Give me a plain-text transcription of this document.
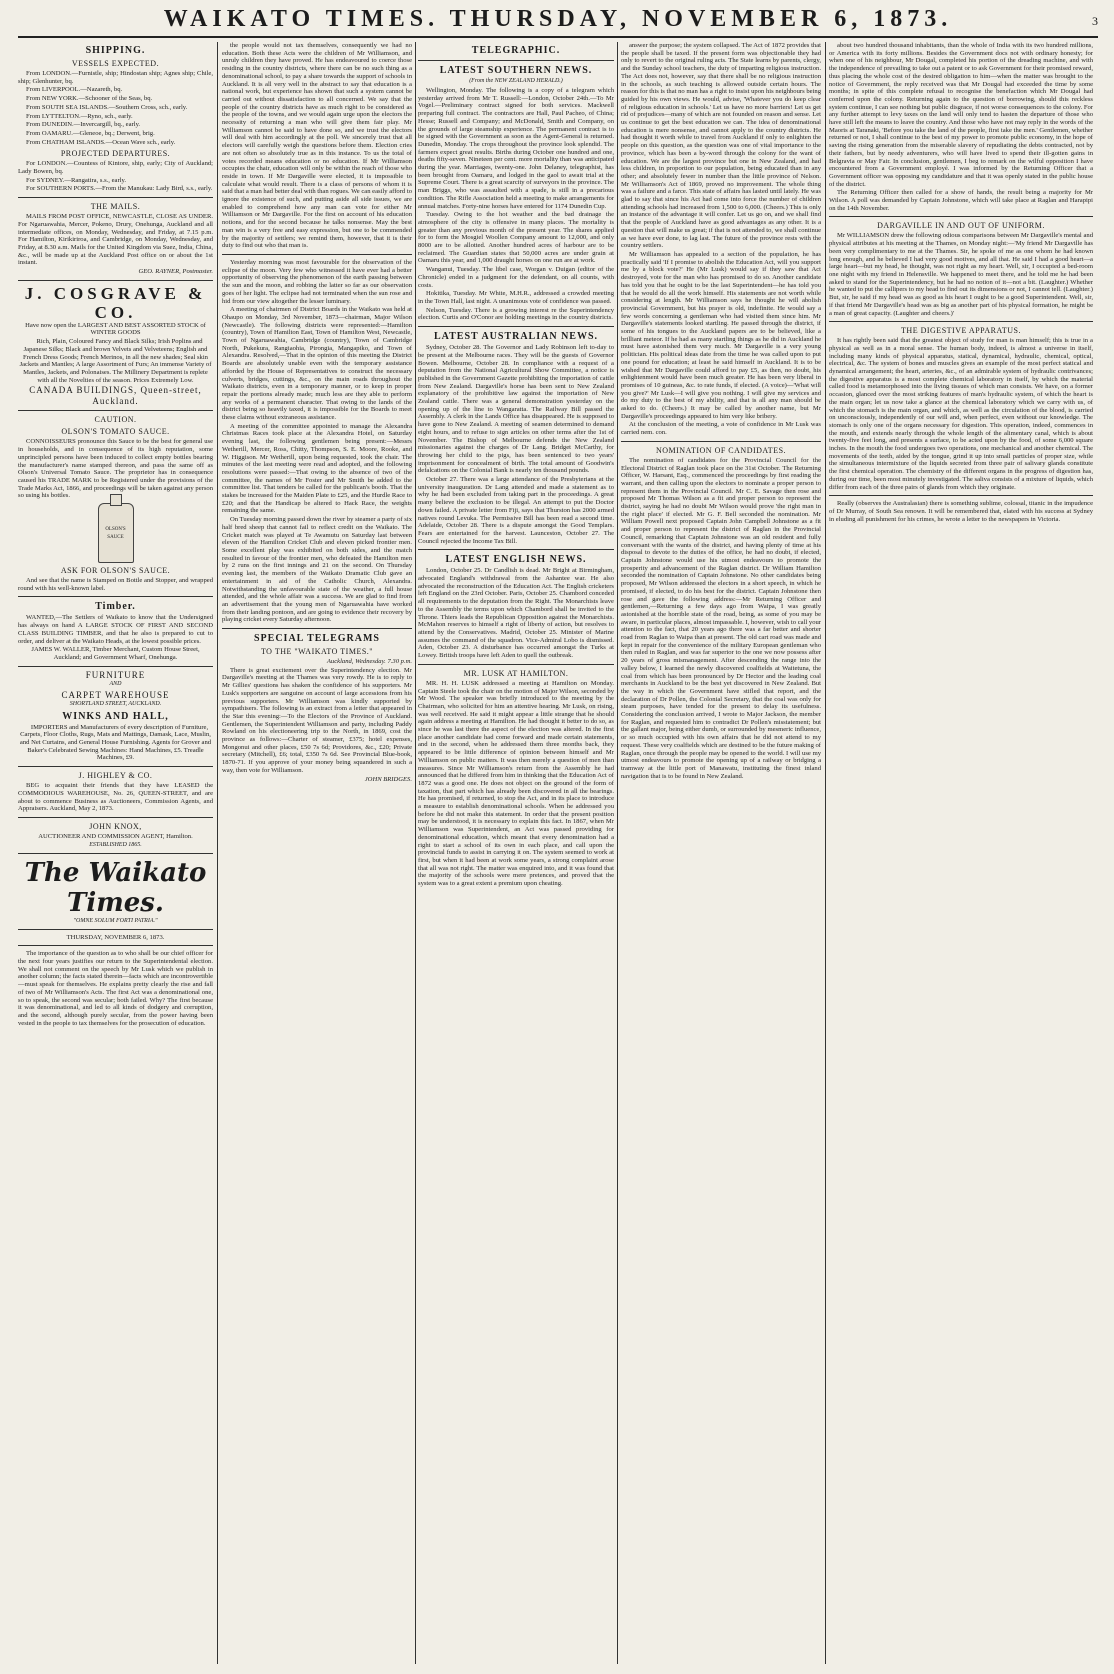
WAIKATO TIMES. THURSDAY, NOVEMBER 6, 1873.	3
SHIPPING.
VESSELS EXPECTED.

From LONDON.—Furnistle, ship; Hindostan ship; Agnes ship; Chile, ship; Glenhunter, bq.

From LIVERPOOL.—Nazareth, bq.

From NEW YORK.—Schooner of the Seas, bq.

From SOUTH SEA ISLANDS.—Southern Cross, sch., early.

From LYTTELTON.—Ryno, sch., early.

From DUNEDIN.—Invercargill, bq., early.

From OAMARU.—Gleneoe, bq.; Derwent, brig.

From CHATHAM ISLANDS.—Ocean Wave sch., early.

PROJECTED DEPARTURES.

For LONDON.—Countess of Kintore, ship, early; City of Auckland; Lady Bowen, bq.

For SYDNEY.—Rangatira, s.s., early.

For SOUTHERN PORTS.—From the Manukau: Lady Bird, s.s., early.

THE MAILS.

MAILS FROM POST OFFICE, NEWCASTLE, CLOSE AS UNDER. For Ngaruawahia, Mercer, Pokeno, Drury, Onehunga, Auckland and all intermediate offices, on Monday, Wednesday, and Friday, at 7.15 p.m. For Hamilton, Kirikiriroa, and Cambridge, on Monday, Wednesday, and Friday, at 8.30 a.m. Mails for the United Kingdom via Suez, India, China, &c., will be made up at the Auckland Post office on or about the 1st instant.

GEO. RAYNER, Postmaster.

J. COSGRAVE & CO.

Have now open the LARGEST AND BEST ASSORTED STOCK of WINTER GOODS

Rich, Plain, Coloured Fancy and Black Silks; Irish Poplins and Japanese Silks; Black and brown Velvets and Velveteens; English and French Dress Goods; French Merinos, in all the new shades; Seal skin Jackets and Mantles; A large Assortment of Furs; An immense Variety of Mantles, Jackets, and Polonaises. The Millinery Department is replete with all the Novelties of the season. Prices Extremely Low.

CANADA BUILDINGS, Queen-street, Auckland.
CAUTION.
OLSON'S TOMATO SAUCE.

CONNOISSEURS pronounce this Sauce to be the best for general use in households, and in consequence of its high reputation, some unprincipled persons have been induced to collect empty bottles bearing the manufacturer's name stamped thereon, and pass the same off as Olson's Universal Tomato Sauce. The proprietor has in consequence caused his TRADE MARK to be Registered under the provisions of the Trade Marks Act, 1866, and proceedings will be taken against any person so using his bottles.

OLSON'S SAUCE
ASK FOR OLSON'S SAUCE.

And see that the name is Stamped on Bottle and Stopper, and wrapped round with his well-known label.

Timber.

WANTED,—The Settlers of Waikato to know that the Undersigned has always on hand A LARGE STOCK OF FIRST AND SECOND CLASS BUILDING TIMBER, and that he also is prepared to cut to order, and deliver at the Waikato Heads, at the lowest possible prices.

JAMES W. WALLER, Timber Merchant, Custom House Street, Auckland; and Government Wharf, Onehunga.

FURNITURE
AND
CARPET WAREHOUSE
SHORTLAND STREET, AUCKLAND.
WINKS AND HALL,

IMPORTERS and Manufacturers of every description of Furniture, Carpets, Floor Cloths, Rugs, Mats and Mattings, Damask, Lace, Muslin, and Net Curtains, and General House Furnishing. Agents for Grover and Baker's Celebrated Sewing Machines: Hand Machines, £5. Treadle Machines, £9.

J. HIGHLEY & CO.

BEG to acquaint their friends that they have LEASED the COMMODIOUS WAREHOUSE, No. 26, QUEEN-STREET, and are about to commence Business as Auctioneers, Commission Agents, and Appraisers. Auckland, May 2, 1873.

JOHN KNOX,

AUCTIONEER AND COMMISSION AGENT, Hamilton.

ESTABLISHED 1865.
The Waikato Times.
"OMNE SOLUM FORTI PATRIA."

THURSDAY, NOVEMBER 6, 1873.

The importance of the question as to who shall be our chief officer for the next four years justifies our return to the Superintendental election. We shall not comment on the speech by Mr Lusk which we publish in another column; the facts stated therein—facts which are incontrovertible—must speak for themselves. He explains pretty clearly the rise and fall of two of Mr Williamson's Acts. The first Act was a denominational one, so to speak, the second was secular; both failed. Why? The first because it was denominational, and led to all kinds of dodgery and corruption, and the second, although purely secular, from the power having been vested in the people to tax themselves for the prosecution of education.

the people would not tax themselves, consequently we had no education. Both these Acts were the children of Mr Williamson, and unruly children they have proved. He has endeavoured to coerce those residing in the country districts, where there can be no such thing as a denominational school, to pay a share towards the support of schools in Auckland. It is all very well in the abstract to say that education is a national work, but experience has shown that such a system cannot be carried out without dissatisfaction to all concerned. We say that the people of the country districts have as much right to be considered as the people of the towns, and we would again urge upon the electors the necessity of returning a man who will give them fair play. Mr Williamson cannot be said to have done so, and we trust the electors will deal with him accordingly at the poll. We sincerely trust that all electors will carefully weigh the questions before them. Election cries are not often so absolutely true as in this instance. To us the total of votes recorded means education or no education. If Mr Williamson occupies the chair, education will only be within the reach of those who reside in town. If Mr Dargaville were elected, it is impossible to calculate what would result. There is a class of persons of whom it is said that a man had better deal with than rogues. We can easily afford to ignore the existence of such, and putting aside all side issues, we are enabled to comprehend how any man can vote for either Mr Williamson or Mr Dargaville. For the first on account of his education notions, and for the second because he talks nonsense. May the best man win is a very free and easy expression, but one to be commended by the majority of settlers; we remind them, however, that it is their duty to find out who that man is.

Yesterday morning was most favourable for the observation of the eclipse of the moon. Very few who witnessed it have ever had a better opportunity of observing the phenomenon of the earth passing between the sun and the moon, and robbing the latter so far as our observation goes of her light. The eclipse had not terminated when the sun rose and hid from our view altogether the lesser luminary.

A meeting of chairmen of District Boards in the Waikato was held at Ohaupo on Monday, 3rd November, 1873—chairman, Major Wilson (Newcastle). The following districts were represented:—Hamilton (country), Town of Hamilton East, Town of Hamilton West, Newcastle, Town of Ngaruawahia, Cambridge (country), Town of Cambridge North, Pukekura, Rangiaohia, Pirongia, Mangapiko, and Town of Alexandra. Resolved,—That in the opinion of this meeting the District Boards are absolutely unable even with the temporary assistance afforded by the House of Representatives to construct the necessary culverts, bridges, cuttings, &c., on the main roads throughout the Waikato districts, even in a temporary manner, or to keep in proper repair the portions already made; much less are they able to perform any works of a permanent character. That owing to the lands of the district being so heavily taxed, it is impossible for the Boards to meet these claims without extraneous assistance.

A meeting of the committee appointed to manage the Alexandra Christmas Races took place at the Alexandra Hotel, on Saturday evening last, the following gentlemen being present:—Messrs Wetherill, Mercer, Ross, Chitty, Thompson, S. E. Moore, Rooke, and W. Higgison. Mr Wetherill, upon being requested, took the chair. The minutes of the last meeting were read and adopted, and the following resolutions were passed:—That owing to the absence of two of the committee, the names of Mr Foster and Mr Smith be added to the committee list. That tenders be called for the publican's booth. That the stakes be increased for the Maiden Plate to £25, and the Hurdle Race to £20; and that the Handicap be altered to Hack Race, the weights remaining the same.

On Tuesday morning passed down the river by steamer a party of six half bred sheep that cannot fail to reflect credit on the Waikato. The Cricket match was played at Te Awamutu on Saturday last between eleven of the Hamilton Cricket Club and eleven picked frontier men. Some excellent play was exhibited on both sides, and the match resulted in favour of the frontier men, who defeated the Hamilton men by 2 runs on the first innings and 21 on the second. On Thursday evening last, the members of the Waikato Dramatic Club gave an entertainment in aid of the Catholic Church, Alexandra. Notwithstanding the unfavourable state of the weather, a full house attended, and the whole affair was a success. We are glad to find from an advertisement that the young men of Ngaruawahia have worked from their landing pontoon, and are going to evidence their recovery by playing cricket every Saturday afternoon.

SPECIAL TELEGRAMS
TO THE "WAIKATO TIMES."

Auckland, Wednesday. 7.30 p.m.

There is great excitement over the Superintendency election. Mr Dargaville's meeting at the Thames was very rowdy. He is to reply to Mr Gillies' questions has shaken the confidence of his supporters. Mr Lusk's supporters are sanguine on account of large accessions from his previous supporters. Mr Williamson was kindly supported by sympathisers. The following is an extract from a letter that appeared in the Star this evening:—To the Electors of the Province of Auckland. Gentlemen, the Superintendent Williamson and party, including Paddy Rowland on his electioneering trip to the North, in 1869, cost the province as follows:—Charter of steamer, £375; hotel expenses, Mongonui and other places, £50 7s 6d; Providores, &c., £20; Private secretary (Mitchell), £6; total, £350 7s 6d. See Provincial Blue-book, 1870-71. If you approve of your money being squandered in such a way, then vote for Williamson.

JOHN BRIDGES.

TELEGRAPHIC.
LATEST SOUTHERN NEWS.
(From the NEW ZEALAND HERALD.)

Wellington, Monday. The following is a copy of a telegram which yesterday arrived from Mr T. Russell:—London, October 24th.—To Mr Vogel.—Preliminary contract signed for both services. Mackwell preparing full contract. The contractors are Hall, Paul Pacheo, of China; Hesse; Russell and Company; and McDonald, Smith and Company, on the grounds of large steamship experience. The permanent contract is to be signed with the Government as soon as the Agent-General is returned. Dunedin, Monday. The crops throughout the province look splendid. The farmers expect great results. Births during October one hundred and one, deaths fifty-seven. Nineteen per cent. more mortality than was anticipated during the year. Marriages, twenty-one. John Delaney, telegraphist, has been brought from Oamaru, and lodged in the gaol to await trial at the Supreme Court. There is a great scarcity of surveyors in the province. The man Briggs, who was assaulted with a spade, is still in a precarious condition. The Rifle Association held a meeting to make arrangements for annual matches. Forty-nine horses have entered for 1174 Dunedin Cup.

Tuesday. Owing to the hot weather and the bad drainage the atmosphere of the city is offensive in many places. The mortality is greater than any previous month of the present year. The shares applied for to form the Mosgiel Woollen Company amount to 12,000, and only 8000 are to be allotted. Another hundred acres of harbour are to be reclaimed. The Guardian states that 50,000 acres are under grain at Oamaru this year, and 1,000 draught horses on one run are at work.

Wanganui, Tuesday. The libel case, Worgan v. Duigan (editor of the Chronicle) ended in a judgment for the defendant, on all counts, with costs.

Hokitika, Tuesday. Mr White, M.H.R., addressed a crowded meeting in the Town Hall, last night. A unanimous vote of confidence was passed.

Nelson, Tuesday. There is a growing interest re the Superintendency election. Curtis and O'Conor are holding meetings in the country districts.

LATEST AUSTRALIAN NEWS.

Sydney, October 28. The Governor and Lady Robinson left to-day to be present at the Melbourne races. They will be the guests of Governor Bowen. Melbourne, October 28. In compliance with a request of a deputation from the National Agricultural Show Committee, a notice is published in the Government Gazette prohibiting the importation of cattle from New Zealand. Dargaville's horse has been sent to New Zealand explanatory of the prohibitive law against the importation of New Zealand cattle. There was a general demonstration yesterday on the opening up of the line to Wangaratta. The Railway Bill passed the Assembly. A clerk in the Lands Office has disappeared. He is supposed to have gone to New Zealand. A meeting of seamen determined to demand eight hours, and to refuse to sign articles on other terms after the 1st of November. The Bishop of Melbourne defends the New Zealand missionaries against the charges of Dr Lang. Bridget McCarthy, for throwing her child to the pigs, has been sentenced to two years' imprisonment for concealment of birth. The total amount of Goodwin's defalcations on the Colonial Bank is nearly ten thousand pounds.

October 27. There was a large attendance of the Presbyterians at the university inauguration. Dr Lang attended and made a statement as to why he had been excluded from taking part in the proceedings. A great many believe the exclusion to be illegal. An attempt to put the Doctor down failed. A private letter from Fiji, says that Thurston has 2000 armed natives round Levuka. The Permissive Bill has been read a second time. Adelaide, October 28. There is a dispute amongst the Good Templars. Fears are entertained for the harvest. Launceston, October 27. The Council rejected the Income Tax Bill.

LATEST ENGLISH NEWS.

London, October 25. Dr Candlish is dead. Mr Bright at Birmingham, advocated England's withdrawal from the Ashantee war. He also advocated the reconstruction of the Education Act. The English cricketers left England on the 23rd October. Paris, October 25. Chambord conceded all requirements to the deputation from the Right. The Monarchists leave to the Assembly the terms upon which Chambord shall be invited to the Throne. Thiers leads the Republican Opposition against the Monarchists. McMahon reserves to himself a right of liberty of action, but resolves to attend by the Conservatives. Madrid, October 25. Minister of Marine assumes the command of the squadron. Vice-Admiral Lobo is dismissed. Aden, October 23. A disturbance has occurred amongst the Turks at Lowey. British troops have left Aden to quell the outbreak.

MR. LUSK AT HAMILTON.

MR. H. H. LUSK addressed a meeting at Hamilton on Monday. Captain Steele took the chair on the motion of Major Wilson, seconded by Mr Wood. The speaker was briefly introduced to the meeting by the Chairman, who solicited for him an attentive hearing. Mr Lusk, on rising, was well received. He said it might appear a little strange that he should again address a meeting at Hamilton. He had thought it better to do so, as since he was last there the aspect of the election was altered. In the first place another candidate had come forward and made certain statements, and in the second, when he addressed them three months back, they appeared to be little difference of opinion between himself and Mr Williamson on public matters. It was then merely a question of men than measures. Since Mr Williamson's return from the Assembly he had announced that he differed from him in thinking that the Education Act of 1872 was a good one. He does not object on the ground of the form of taxation, that part which has already been discovered in all the bearings. He has promised, if returned, to stop the Act, and in its place to introduce a measure to establish denominational schools. When he addressed you before he did not make this statement. In order that the present position may be understood, it is necessary to explain this fact. In 1867, when Mr Williamson was Superintendent, an Act was passed providing for denominational education, which meant that every denomination had a right to start a school of its own in each place, and call upon the provincial funds to assist in carrying it on. The system seemed to work at first, but when it had been at work some years, a strong complaint arose that all was not right. The matter was enquired into, and it was found that the majority of the schools were mere pretences, and proved that the system was to a great extent a premium upon cheating.

answer the purpose; the system collapsed. The Act of 1872 provides that the people shall be taxed. If the present form was objectionable they had only to revert to the original ruling acts. The State learns by parents, clergy, and the Sunday school teachers, the duty of imparting religious instruction. The Act does not, however, say that there shall be no religious instruction in the schools, as such teaching is allowed outside certain hours. The reason for this is that no man has a right to insist upon his neighbours being guided by his own views. He would, advise, 'Whatever you do keep clear of religious education in schools.' Let us have no more barriers! Let us get rid of prejudices—many of which are not founded on reason and sense. Let us continue to get the best education we can. The idea of denominational education is mere nonsense, and cannot apply to the country districts. He had thought it worth while to travel from Auckland if only to enlighten the people on this question, as the question was one of vital importance to the province, which has been a by-word through the colony for the want of education. We are the largest province but one in New Zealand, and had less children, in proportion to our population, being educated than in any other; and absolutely fewer in number than the little province of Nelson. Mr Williamson's Act of 1869, proved no improvement. The whole thing was a failure and a farce. This state of affairs has lasted until lately. He was glad to say that since his Act had come into force the number of children attending schools had increased from 1,500 to 6,000. (Cheers.) This is only an instance of the advantage it will confer. Let us go on, and we shall find that the people of Auckland have as good advantages as any other. It is a question that will make us great; if that is not attended to, we shall continue as we have ever done, to lag last. The future of the province rests with the country settlers.

Mr Williamson has appealed to a section of the population, he has practically said 'If I promise to abolish the Education Act, will you support me by a block vote?' He (Mr Lusk) would say if they saw that Act destroyed, vote for the man who has promised to do so. Another candidate has told you that he ought to be the last Superintendent—he has told you that he would do all the work himself. His statements are not worth while considering at length. Mr Williamson says he thought he will abolish provincial Government, but his prayer is old, indefinite. He would say a few words concerning a gentleman who had visited them since him. Mr Dargaville's statements looked startling. He passed through the district, if some of his tongues to the Auckland papers are to be believed, like a brilliant meteor. If he had as many startling things as he did in Auckland he must have astonished them very much. Mr Dargaville is a very young politician. His political ideas date from the time he was called upon to put one pound for education; at least he said himself in Auckland. It is to be wished that Mr Dargaville could afford to pay £5, as then, no doubt, his enlightenment would have been much greater. He has been very liberal in promises of 10 guineas, &c. to rate funds, if elected. (A voice)—'What will you give?' Mr Lusk—I will give you nothing. I will give my services and do my duty to the best of my ability, and that is all any man should be asked to do. (Cheers.) It may be called by another name, but Mr Dargaville's proceedings appeared to him very like bribery.

At the conclusion of the meeting, a vote of confidence in Mr Lusk was carried nem. con.

NOMINATION OF CANDIDATES.

The nomination of candidates for the Provincial Council for the Electoral District of Raglan took place on the 31st October. The Returning Officer, W. Harsant, Esq., commenced the proceedings by first reading the warrant, and then calling upon the electors to nominate a proper person to represent them in the Provincial Council. Mr C. E. Savage then rose and proposed Mr Thomas Wilson as a fit and proper person to represent the district, saying he had no doubt Mr Wilson would prove 'the right man in the right place' if elected. Mr G. F. Bell seconded the nomination. Mr William Powell next proposed Captain John Campbell Johnstone as a fit and proper person to represent the district of Raglan in the Provincial Council, remarking that Captain Johnstone was an old resident and fully conversant with the wants of the district, and having plenty of time at his disposal to devote to the duties of the office, he had no doubt, if elected, Captain Johnstone would use his utmost endeavours to promote the prosperity and advancement of the Raglan district. Dr William Hamilton seconded the nomination of Captain Johnstone. No other candidates being proposed, Mr Wilson addressed the electors in a short speech, in which he promised, if elected, to do his best for the district. Captain Johnstone then rose and gave the following address:—Mr Returning Officer and gentlemen,—Returning a few days ago from Waipa, I was greatly astonished at the horrible state of the road, being, as some of you may be aware, in particular places, almost impassable. I, however, wish to call your attention to the fact, that 20 years ago there was a far better and shorter road from Raglan to Waipa than at present. The old cart road was made and kept in repair for the convenience of the military European gentleman who then ruled in Raglan, and was far superior to the one we now possess after 20 years of gross mismanagement. After descending the range into the valley below, I learned the newly discovered coalfields at Waitetuna, the coal from which has been pronounced by Dr Hector and the leading coal merchants in Auckland to be the best yet discovered in New Zealand. But the way in which the Government have stifled that report, and the declaration of Dr Pollen, the Colonial Secretary, that the coal was only for steam purposes, have tended for the present to delay its usefulness. Considering the conclusion arrived, I wrote to Major Jackson, the member for Raglan, and requested him to contradict Dr Pollen's misstatement; but the gallant major, being either dumb, or surrounded by mesmeric influence, or so much occupied with his own affairs that he did not attend to my request. These very coalfields which are destined to be the future making of Raglan, once through the people may be opened to the world. I will use my utmost endeavours to promote the opening up of a railway or bridging a tramway at the little port of Manawatu, instituting the finest inland navigation that is to be found in New Zealand.

about two hundred thousand inhabitants, than the whole of India with its two hundred millions, or America with its forty millions. Besides the Government docs not with ordinary honesty; for when one of his neighbour, Mr Dougal, completed his portion of the dreading machine, and with the independence of prevailing to take out a patent or to ask Government for their promised reward, thus placing the whole cost of the desired obligation to him—when the matter was brought to the notice of Government, the reply received was that Mr Dougal had exceeded the time by some months; in spite of this complete refusal to recognise the benefaction which Mr Dougal had conferred upon the colony. Returning again to the question of borrowing, should this reckless system continue, I can see nothing but public disgrace, if not worse consequences to the colony. For any further attempt to levy taxes on the land will only tend to hasten the departure of those who have still left the means to leave the country. And those who have not may reply in the words of the Maoris at Taranaki, 'Before you take the land of the people, first take the men.' Gentlemen, whether returned or not, I shall continue to the best of my power to promote public economy, in the hope of saving the rising generation from the miserable slavery of repudiating the debts contracted, not by their fathers, but by needy adventurers, who will have lived to spend their ill-gotten gains in Belgravia or May Fair. In conclusion, gentlemen, I beg to remark on the wilful opposition I have encountered from a Government employé. I was informed by the Returning Officer that a Government officer was opposing my candidature and that it was openly stated in the public house of the district.

The Returning Officer then called for a show of hands, the result being a majority for Mr Wilson. A poll was demanded by Captain Johnstone, which will take place at Raglan and Harapipi on the 14th November.

DARGAVILLE IN AND OUT OF UNIFORM.

Mr WILLIAMSON drew the following odious comparisons between Mr Dargaville's mental and physical attributes at his meeting at the Thames, on Monday night:—'My friend Mr Dargaville has been very complimentary to me at the Thames. Sir, he spoke of me as one whom he had known long enough, and he believed I had very good motives, and all that. He said I had a good heart—a large heart—but my head, he thought, was not right as my heart. Well, sir, I occupied a bed-room one night with my friend in Helensville. We happened to meet there, and he told me he had been asked to stand for the Superintendency, but he had no notion of it—not a bit. (Laughter.) Whether he wanted to put the callipers to my head to find out its dimensions or not, I cannot tell. (Laughter.) But, sir, he said if my head was as good as his heart I ought to be a good Superintendent. Well, sir, if that friend Mr Dargaville's head was as big as another part of his physical formation, he might be a man of great capacity. (Laughter and cheers.)'

THE DIGESTIVE APPARATUS.

It has rightly been said that the greatest object of study for man is man himself; this is true in a physical as well as in a moral sense. The human body, indeed, is almost a universe in itself, including many kinds of physical apparatus, statical, dynamical, hydraulic, chemical, optical, electrical, &c. The system of bones and muscles gives an example of the most perfect statical and dynamical arrangement; the heart, arteries, &c., of an admirable system of hydraulic contrivances; the digestive apparatus is a most complete chemical laboratory in itself, by which the material called food is metamorphosed into the living tissues of which man consists. We have, on a former occasion, glanced over the most striking features of man's hydraulic system, of which the heart is the main organ; let us now take a glance at the chemical laboratory which we carry with us, of which the stomach is the main organ, and which, as well as the circulation of the blood, is carried on unconsciously, independently of our will and, when perfect, even without our knowledge. The stomach is only one of the organs necessary for digestion. This operation, indeed, commences in the mouth, and extends nearly through the whole length of the alimentary canal, which is about twenty-five feet long, and presents a surface, to be acted upon by the food, of some 6,000 square inches. In the mouth the food undergoes two operations, one mechanical and another chemical. The movements of the teeth, aided by the tongue, grind it up into small particles of proper size, while the simultaneous intermixture of the liquids secreted from three pair of salivary glands constitute the first chemical operation. The chemistry of the different organs in the progress of digestion has, during our time, been most minutely investigated. The saliva consists of a mixture of liquids, which differ from each of the three pairs of glands from which they originate.

Really (observes the Australasian) there is something sublime, colossal, titanic in the impudence of Dr Murray, of South Sea renown. It will be remembered that, elated with his success at Sydney in eluding all punishment for his crimes, he wrote a letter to the newspapers in Victoria.
